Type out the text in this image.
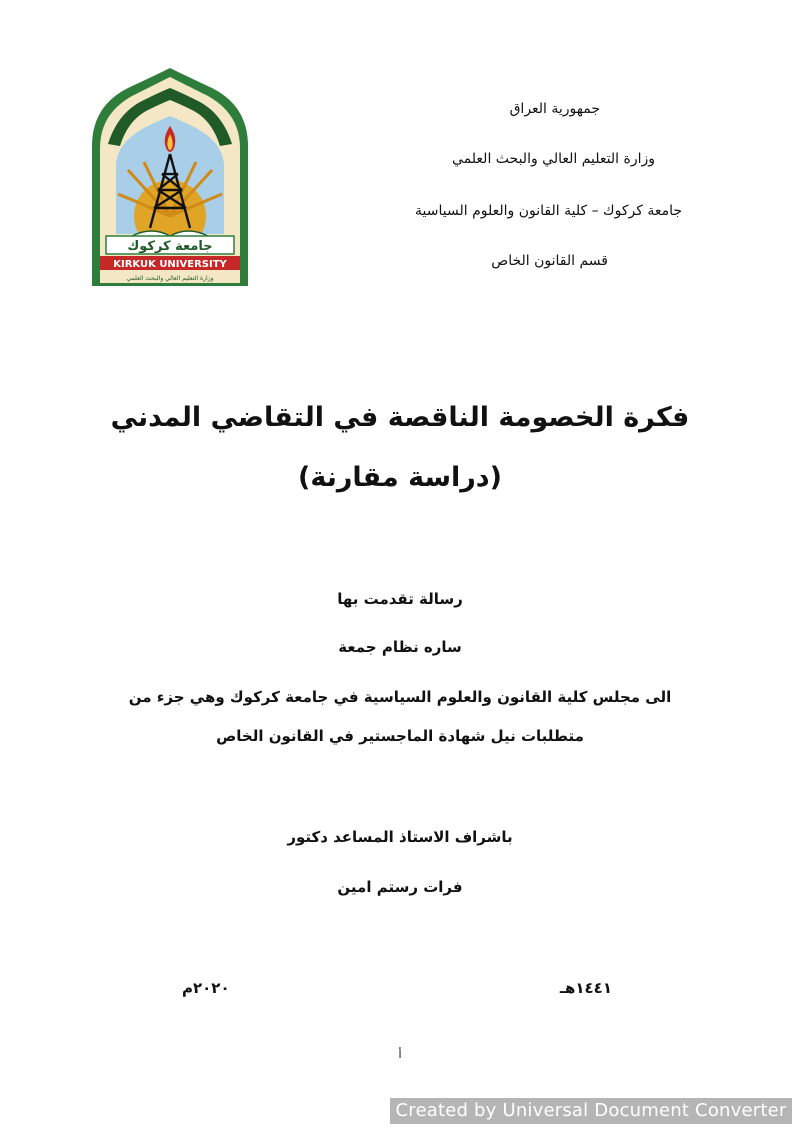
جامعة كركوك
KIRKUK UNIVERSITY
وزارة التعليم العالي والبحث العلمي
جمهورية العراق
وزارة التعليم العالي والبحث العلمي
جامعة كركوك – كلية القانون والعلوم السياسية
قسم القانون الخاص
فكرة الخصومة الناقصة في التقاضي المدني
(دراسة مقارنة)
رسالة تقدمت بها
ساره نظام جمعة
الى مجلس كلية القانون والعلوم السياسية في جامعة كركوك وهي جزء من
متطلبات نيل شهادة الماجستير في القانون الخاص
باشراف الاستاذ المساعد دكتور
فرات رستم امين
١٤٤١هـ
٢٠٢٠م
أ
Created by Universal Document Converter
